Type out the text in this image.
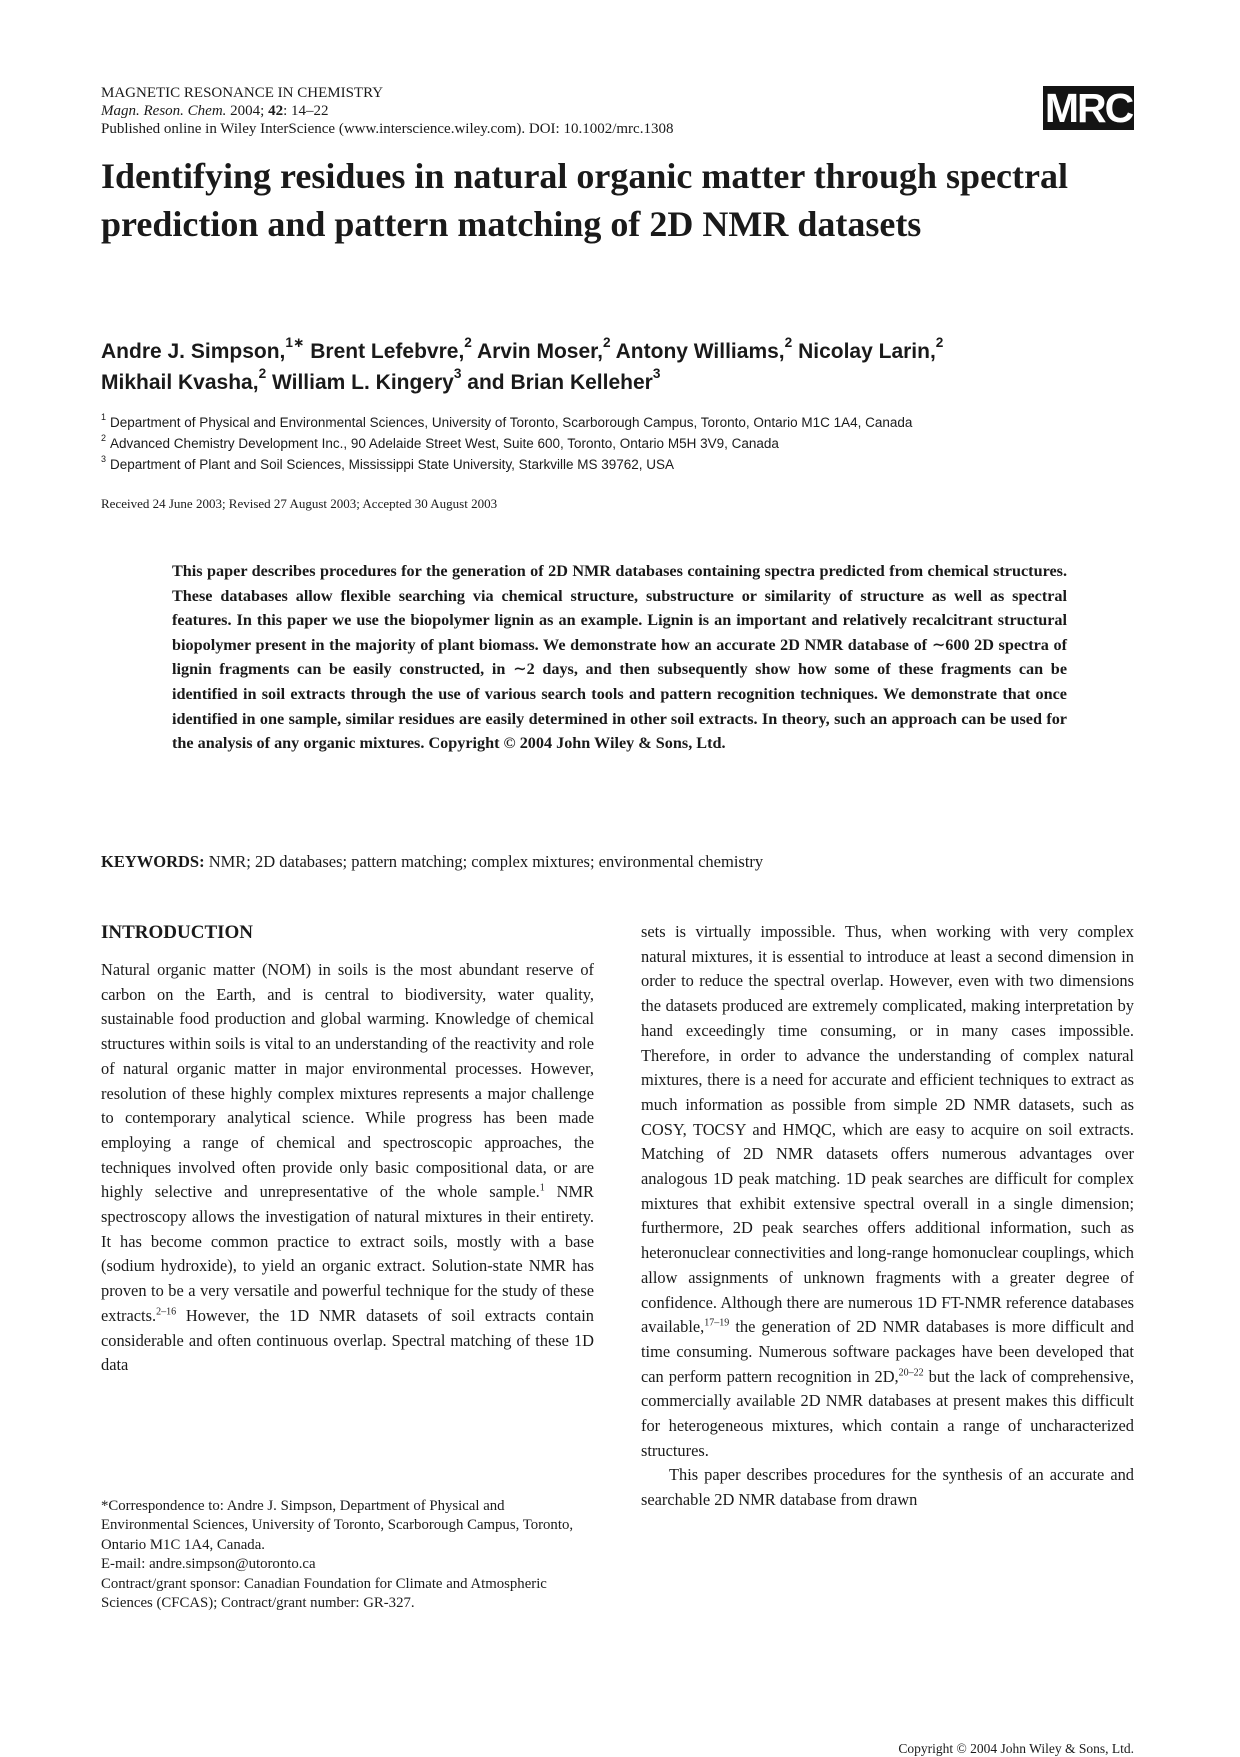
MAGNETIC RESONANCE IN CHEMISTRY
Magn. Reson. Chem. 2004; 42: 14–22
Published online in Wiley InterScience (www.interscience.wiley.com). DOI: 10.1002/mrc.1308	MRC
Identifying residues in natural organic matter through spectral prediction and pattern matching of 2D NMR datasets
Andre J. Simpson,$^{1∗}$ Brent Lefebvre,$^2$ Arvin Moser,$^2$ Antony Williams,$^2$ Nicolay Larin,$^2$
Mikhail Kvasha,$^2$ William L. Kingery$^3$ and Brian Kelleher$^3$
$^1$ Department of Physical and Environmental Sciences, University of Toronto, Scarborough Campus, Toronto, Ontario M1C 1A4, Canada
$^2$ Advanced Chemistry Development Inc., 90 Adelaide Street West, Suite 600, Toronto, Ontario M5H 3V9, Canada
$^3$ Department of Plant and Soil Sciences, Mississippi State University, Starkville MS 39762, USA
Received 24 June 2003; Revised 27 August 2003; Accepted 30 August 2003
This paper describes procedures for the generation of 2D NMR databases containing spectra predicted from chemical structures. These databases allow flexible searching via chemical structure, substructure or similarity of structure as well as spectral features. In this paper we use the biopolymer lignin as an example. Lignin is an important and relatively recalcitrant structural biopolymer present in the majority of plant biomass. We demonstrate how an accurate 2D NMR database of ∼600 2D spectra of lignin fragments can be easily constructed, in ∼2 days, and then subsequently show how some of these fragments can be identified in soil extracts through the use of various search tools and pattern recognition techniques. We demonstrate that once identified in one sample, similar residues are easily determined in other soil extracts. In theory, such an approach can be used for the analysis of any organic mixtures. Copyright © 2004 John Wiley & Sons, Ltd.
KEYWORDS: NMR; 2D databases; pattern matching; complex mixtures; environmental chemistry
INTRODUCTION

Natural organic matter (NOM) in soils is the most abundant reserve of carbon on the Earth, and is central to biodiversity, water quality, sustainable food production and global warming. Knowledge of chemical structures within soils is vital to an understanding of the reactivity and role of natural organic matter in major environmental processes. However, resolution of these highly complex mixtures represents a major challenge to contemporary analytical science. While progress has been made employing a range of chemical and spectroscopic approaches, the techniques involved often provide only basic compositional data, or are highly selective and unrepresentative of the whole sample.$^1$ NMR spectroscopy allows the investigation of natural mixtures in their entirety. It has become common practice to extract soils, mostly with a base (sodium hydroxide), to yield an organic extract. Solution-state NMR has proven to be a very versatile and powerful technique for the study of these extracts.$^{2-16}$ However, the 1D NMR datasets of soil extracts contain considerable and often continuous overlap. Spectral matching of these 1D data

sets is virtually impossible. Thus, when working with very complex natural mixtures, it is essential to introduce at least a second dimension in order to reduce the spectral overlap. However, even with two dimensions the datasets produced are extremely complicated, making interpretation by hand exceedingly time consuming, or in many cases impossible. Therefore, in order to advance the understanding of complex natural mixtures, there is a need for accurate and efficient techniques to extract as much information as possible from simple 2D NMR datasets, such as COSY, TOCSY and HMQC, which are easy to acquire on soil extracts. Matching of 2D NMR datasets offers numerous advantages over analogous 1D peak matching. 1D peak searches are difficult for complex mixtures that exhibit extensive spectral overall in a single dimension; furthermore, 2D peak searches offers additional information, such as heteronuclear connectivities and long-range homonuclear couplings, which allow assignments of unknown fragments with a greater degree of confidence. Although there are numerous 1D FT-NMR reference databases available,$^{17-19}$ the generation of 2D NMR databases is more difficult and time consuming. Numerous software packages have been developed that can perform pattern recognition in 2D,$^{20-22}$ but the lack of comprehensive, commercially available 2D NMR databases at present makes this difficult for heterogeneous mixtures, which contain a range of uncharacterized structures.

This paper describes procedures for the synthesis of an accurate and searchable 2D NMR database from drawn

*Correspondence to: Andre J. Simpson, Department of Physical and Environmental Sciences, University of Toronto, Scarborough Campus, Toronto, Ontario M1C 1A4, Canada.

E-mail: andre.simpson@utoronto.ca

Contract/grant sponsor: Canadian Foundation for Climate and Atmospheric Sciences (CFCAS); Contract/grant number: GR-327.

Copyright © 2004 John Wiley & Sons, Ltd.
